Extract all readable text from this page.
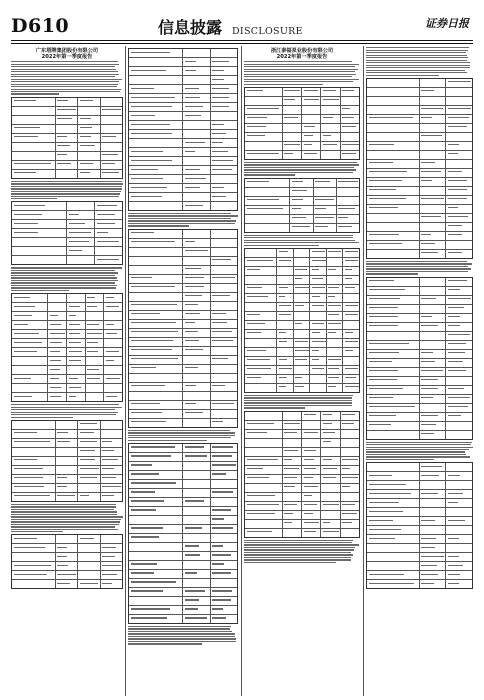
D610	信息披露 DISCLOSURE
证券日报
广东塔牌集团股份有限公司
2022年第一季度报告
浙江泰福泵业股份有限公司
2022年第一季度报告
